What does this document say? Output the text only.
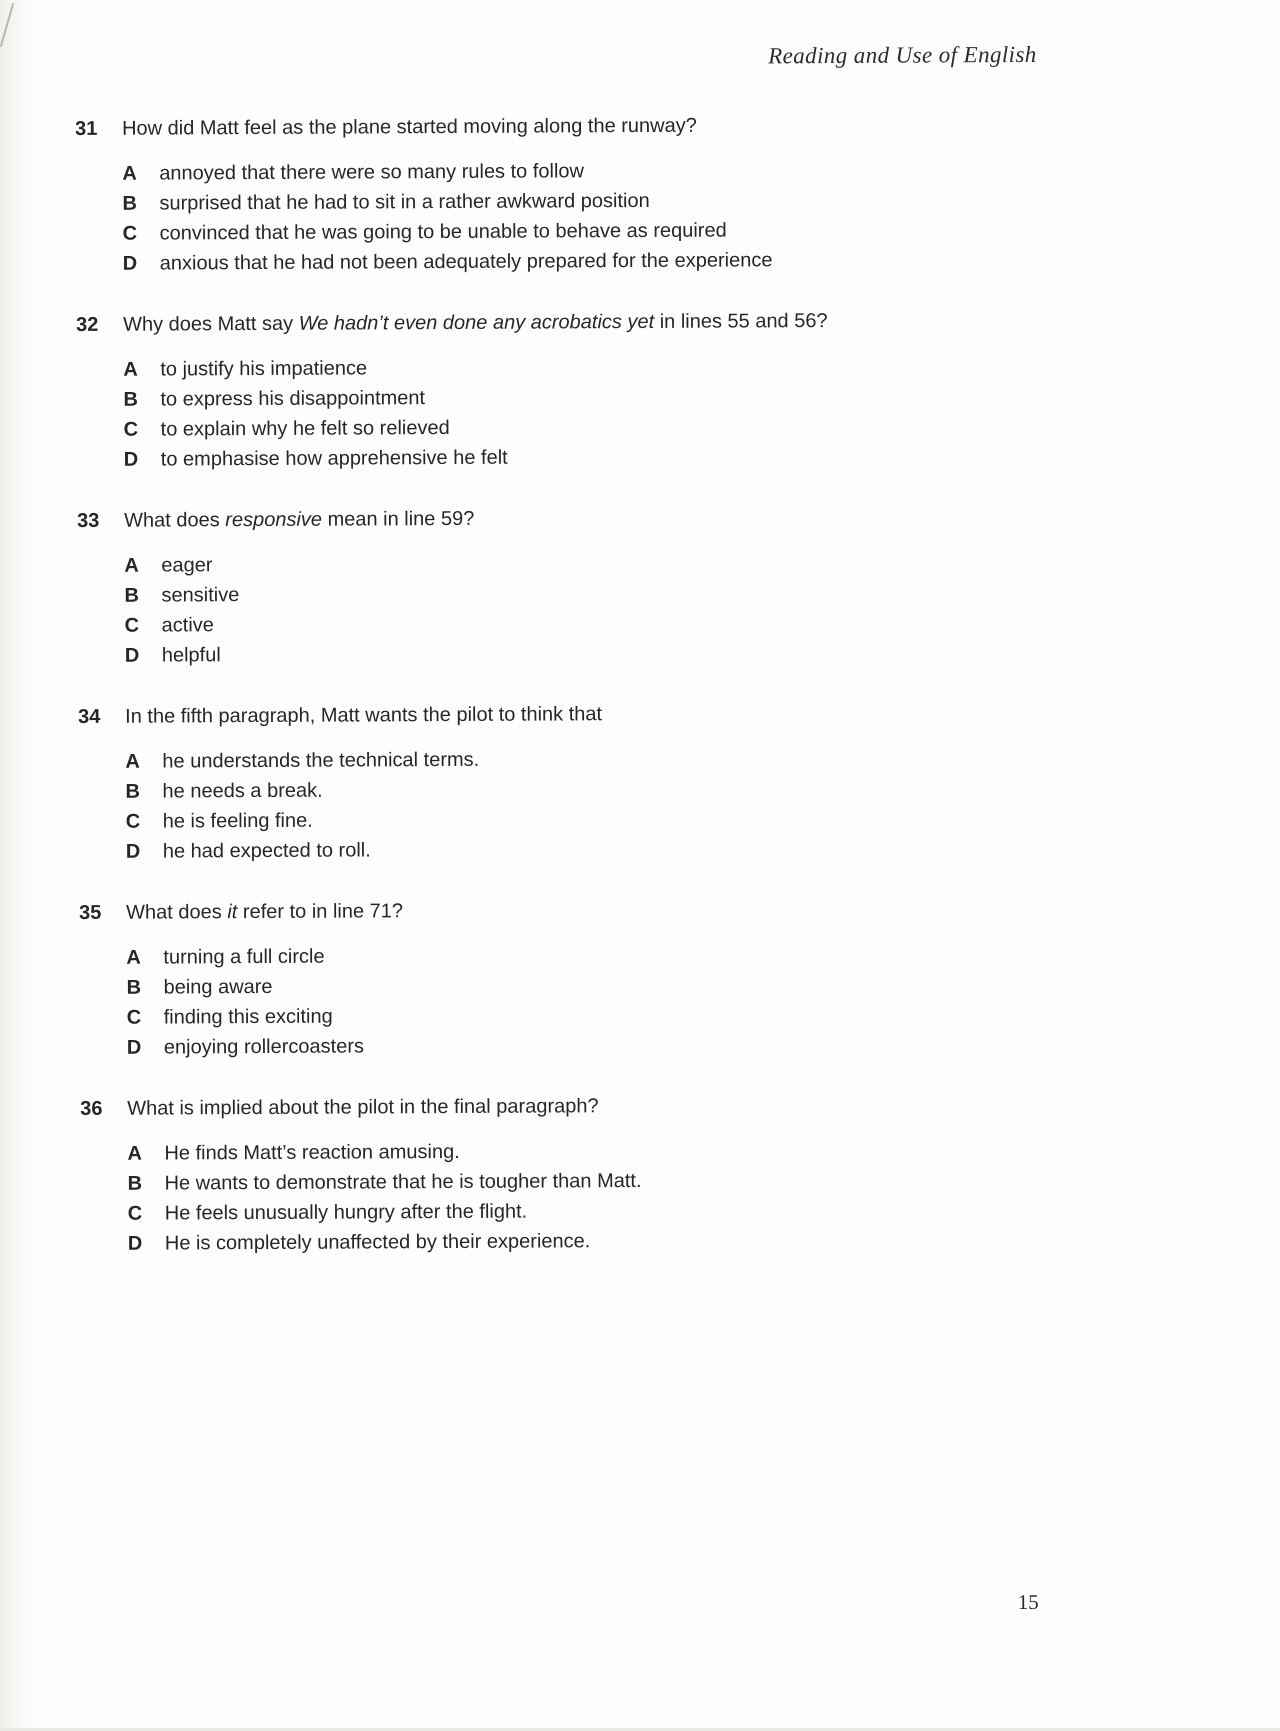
Reading and Use of English
31	How did Matt feel as the plane started moving along the runway?
A	annoyed that there were so many rules to follow
B	surprised that he had to sit in a rather awkward position
C	convinced that he was going to be unable to behave as required
D	anxious that he had not been adequately prepared for the experience
32	Why does Matt say We hadn’t even done any acrobatics yet in lines 55 and 56?
A	to justify his impatience
B	to express his disappointment
C	to explain why he felt so relieved
D	to emphasise how apprehensive he felt
33	What does responsive mean in line 59?
A	eager
B	sensitive
C	active
D	helpful
34	In the fifth paragraph, Matt wants the pilot to think that
A	he understands the technical terms.
B	he needs a break.
C	he is feeling fine.
D	he had expected to roll.
35	What does it refer to in line 71?
A	turning a full circle
B	being aware
C	finding this exciting
D	enjoying rollercoasters
36	What is implied about the pilot in the final paragraph?
A	He finds Matt’s reaction amusing.
B	He wants to demonstrate that he is tougher than Matt.
C	He feels unusually hungry after the flight.
D	He is completely unaffected by their experience.
15
